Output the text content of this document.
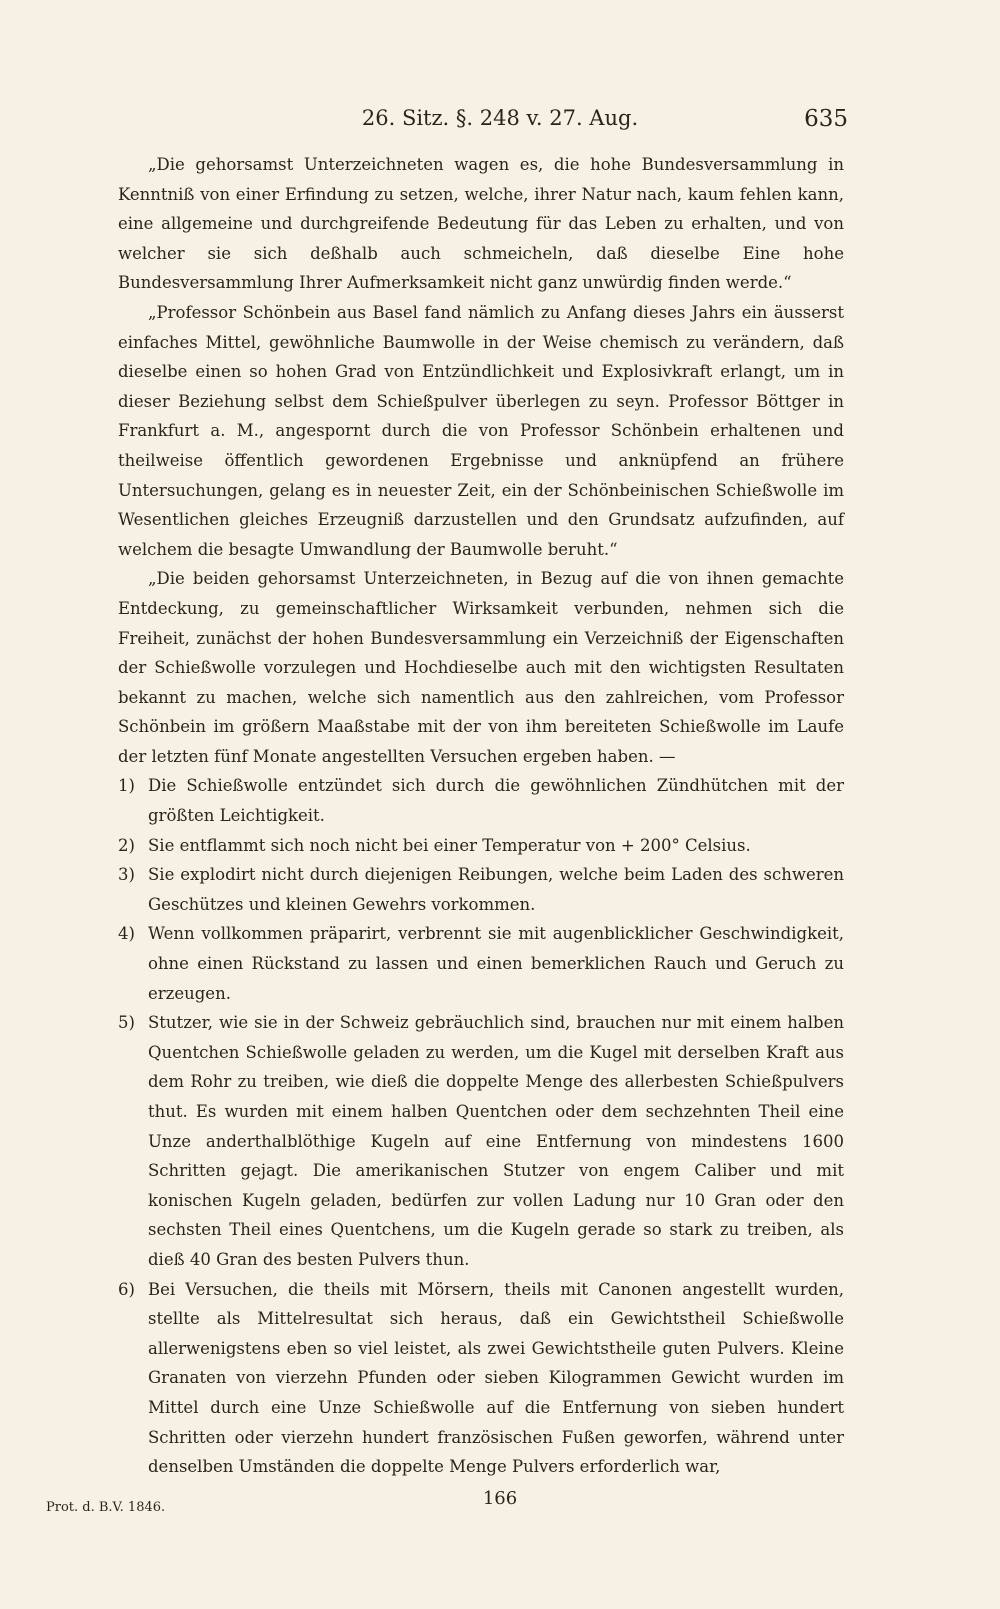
26. Sitz. §. 248 v. 27. Aug.	635

„Die gehorsamst Unterzeichneten wagen es, die hohe Bundesversammlung in Kenntniß von einer Erfindung zu setzen, welche, ihrer Natur nach, kaum fehlen kann, eine allgemeine und durchgreifende Bedeutung für das Leben zu erhalten, und von welcher sie sich deßhalb auch schmeicheln, daß dieselbe Eine hohe Bundesversammlung Ihrer Aufmerksamkeit nicht ganz unwürdig finden werde.“

„Professor Schönbein aus Basel fand nämlich zu Anfang dieses Jahrs ein äusserst einfaches Mittel, gewöhnliche Baumwolle in der Weise chemisch zu verändern, daß dieselbe einen so hohen Grad von Entzündlichkeit und Explosivkraft erlangt, um in dieser Beziehung selbst dem Schießpulver überlegen zu seyn. Professor Böttger in Frankfurt a. M., angespornt durch die von Professor Schönbein erhaltenen und theilweise öffentlich gewordenen Ergebnisse und anknüpfend an frühere Untersuchungen, gelang es in neuester Zeit, ein der Schönbeinischen Schießwolle im Wesentlichen gleiches Erzeugniß darzustellen und den Grundsatz aufzufinden, auf welchem die besagte Umwandlung der Baumwolle beruht.“

„Die beiden gehorsamst Unterzeichneten, in Bezug auf die von ihnen gemachte Entdeckung, zu gemeinschaftlicher Wirksamkeit verbunden, nehmen sich die Freiheit, zunächst der hohen Bundesversammlung ein Verzeichniß der Eigenschaften der Schießwolle vorzulegen und Hochdieselbe auch mit den wichtigsten Resultaten bekannt zu machen, welche sich namentlich aus den zahlreichen, vom Professor Schönbein im größern Maaßstabe mit der von ihm bereiteten Schießwolle im Laufe der letzten fünf Monate angestellten Versuchen ergeben haben. —

1) Die Schießwolle entzündet sich durch die gewöhnlichen Zündhütchen mit der größten Leichtigkeit.
2) Sie entflammt sich noch nicht bei einer Temperatur von + 200° Celsius.
3) Sie explodirt nicht durch diejenigen Reibungen, welche beim Laden des schweren Geschützes und kleinen Gewehrs vorkommen.
4) Wenn vollkommen präparirt, verbrennt sie mit augenblicklicher Geschwindigkeit, ohne einen Rückstand zu lassen und einen bemerklichen Rauch und Geruch zu erzeugen.
5) Stutzer, wie sie in der Schweiz gebräuchlich sind, brauchen nur mit einem halben Quentchen Schießwolle geladen zu werden, um die Kugel mit derselben Kraft aus dem Rohr zu treiben, wie dieß die doppelte Menge des allerbesten Schießpulvers thut. Es wurden mit einem halben Quentchen oder dem sechzehnten Theil eine Unze anderthalblöthige Kugeln auf eine Entfernung von mindestens 1600 Schritten gejagt. Die amerikanischen Stutzer von engem Caliber und mit konischen Kugeln geladen, bedürfen zur vollen Ladung nur 10 Gran oder den sechsten Theil eines Quentchens, um die Kugeln gerade so stark zu treiben, als dieß 40 Gran des besten Pulvers thun.
6) Bei Versuchen, die theils mit Mörsern, theils mit Canonen angestellt wurden, stellte als Mittelresultat sich heraus, daß ein Gewichtstheil Schießwolle allerwenigstens eben so viel leistet, als zwei Gewichtstheile guten Pulvers. Kleine Granaten von vierzehn Pfunden oder sieben Kilogrammen Gewicht wurden im Mittel durch eine Unze Schießwolle auf die Entfernung von sieben hundert Schritten oder vierzehn hundert französischen Fußen geworfen, während unter denselben Umständen die doppelte Menge Pulvers erforderlich war,
Prot. d. B.V. 1846.	166
